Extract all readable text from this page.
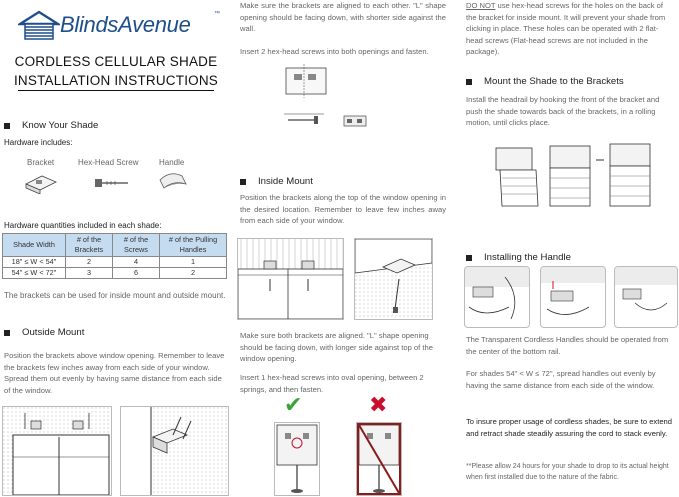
BlindsAvenue	™
CORDLESS CELLULAR SHADE
INSTALLATION INSTRUCTIONS
Know Your Shade
Hardware includes:
Bracket	Hex-Head Screw	Handle
Hardware quantities included in each shade:
Shade Width	# of the Brackets	# of the Screws	# of the Pulling Handles
18" ≤ W < 54"	2	4	1
54" ≤ W < 72"	3	6	2
The brackets can be used for inside mount and outside mount.
Outside Mount
Position the brackets above window opening. Remember to leave the brackets few inches away from each side of your window. Spread them out evenly by having same distance from each side of the window.
Make sure the brackets are aligned to each other. "L" shape opening should be facing down, with shorter side against the wall.
Insert 2 hex-head screws into both openings and fasten.
Inside Mount
Position the brackets along the top of the window opening in the desired location. Remember to leave few inches away from each side of your window.
Make sure both brackets are aligned. "L" shape opening should be facing down, with longer side against top of the window opening.
Insert 1 hex-head screws into oval opening, between 2 springs, and then fasten.
✔	✖
DO NOT use hex-head screws for the holes on the back of the bracket for inside mount. It will prevent your shade from clicking in place. These holes can be operated with 2 flat-head screws (Flat-head screws are not included in the package).
Mount the Shade to the Brackets
Install the headrail by hooking the front of the bracket and push the shade towards back of the brackets, in a rolling motion, until clicks place.
Installing the Handle
The Transparent Cordless Handles should be operated from the center of the bottom rail.
For shades 54" < W ≤ 72", spread handles out evenly by having the same distance from each side of the window.
To insure proper usage of cordless shades, be sure to extend and retract shade steadily assuring the cord to stack evenly.
**Please allow 24 hours for your shade to drop to its actual height when first installed due to the nature of the fabric.
